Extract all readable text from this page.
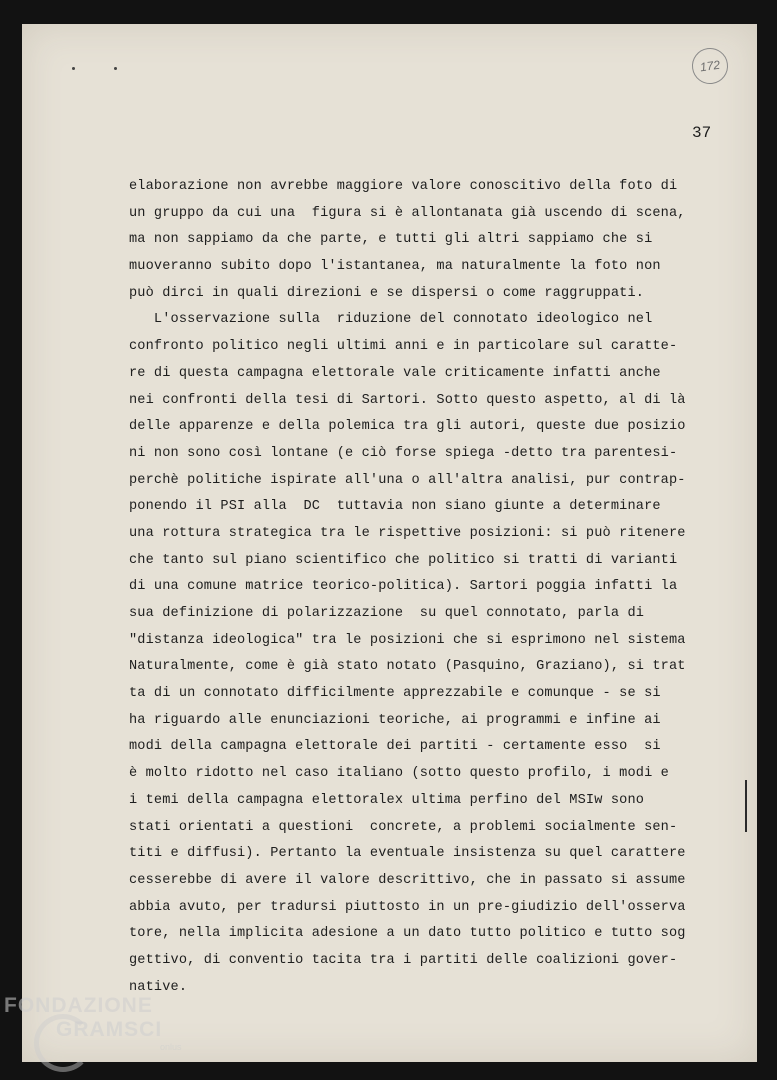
172
37
elaborazione non avrebbe maggiore valore conoscitivo della foto di
un gruppo da cui una  figura si è allontanata già uscendo di scena,
ma non sappiamo da che parte, e tutti gli altri sappiamo che si
muoveranno subito dopo l'istantanea, ma naturalmente la foto non
può dirci in quali direzioni e se dispersi o come raggruppati.
L'osservazione sulla  riduzione del connotato ideologico nel
confronto politico negli ultimi anni e in particolare sul caratte-
re di questa campagna elettorale vale criticamente infatti anche
nei confronti della tesi di Sartori. Sotto questo aspetto, al di là
delle apparenze e della polemica tra gli autori, queste due posizio
ni non sono così lontane (e ciò forse spiega -detto tra parentesi-
perchè politiche ispirate all'una o all'altra analisi, pur contrap-
ponendo il PSI alla  DC  tuttavia non siano giunte a determinare
una rottura strategica tra le rispettive posizioni: si può ritenere
che tanto sul piano scientifico che politico si tratti di varianti
di una comune matrice teorico-politica). Sartori poggia infatti la
sua definizione di polarizzazione  su quel connotato, parla di
"distanza ideologica" tra le posizioni che si esprimono nel sistema
Naturalmente, come è già stato notato (Pasquino, Graziano), si trat
ta di un connotato difficilmente apprezzabile e comunque - se si
ha riguardo alle enunciazioni teoriche, ai programmi e infine ai
modi della campagna elettorale dei partiti - certamente esso  si
è molto ridotto nel caso italiano (sotto questo profilo, i modi e
i temi della campagna elettoraleх ultima perfino del MSIw sono
stati orientati a questioni  concrete, a problemi socialmente sen-
titi e diffusi). Pertanto la eventuale insistenza su quel carattere
cesserebbe di avere il valore descrittivo, che in passato si assume
abbia avuto, per tradursi piuttosto in un pre-giudizio dell'osserva
tore, nella implicita adesione a un dato tutto politico e tutto sog
gettivo, di conventio tacita tra i partiti delle coalizioni gover-
native.
FONDAZIONE
GRAMSCI
onlus
